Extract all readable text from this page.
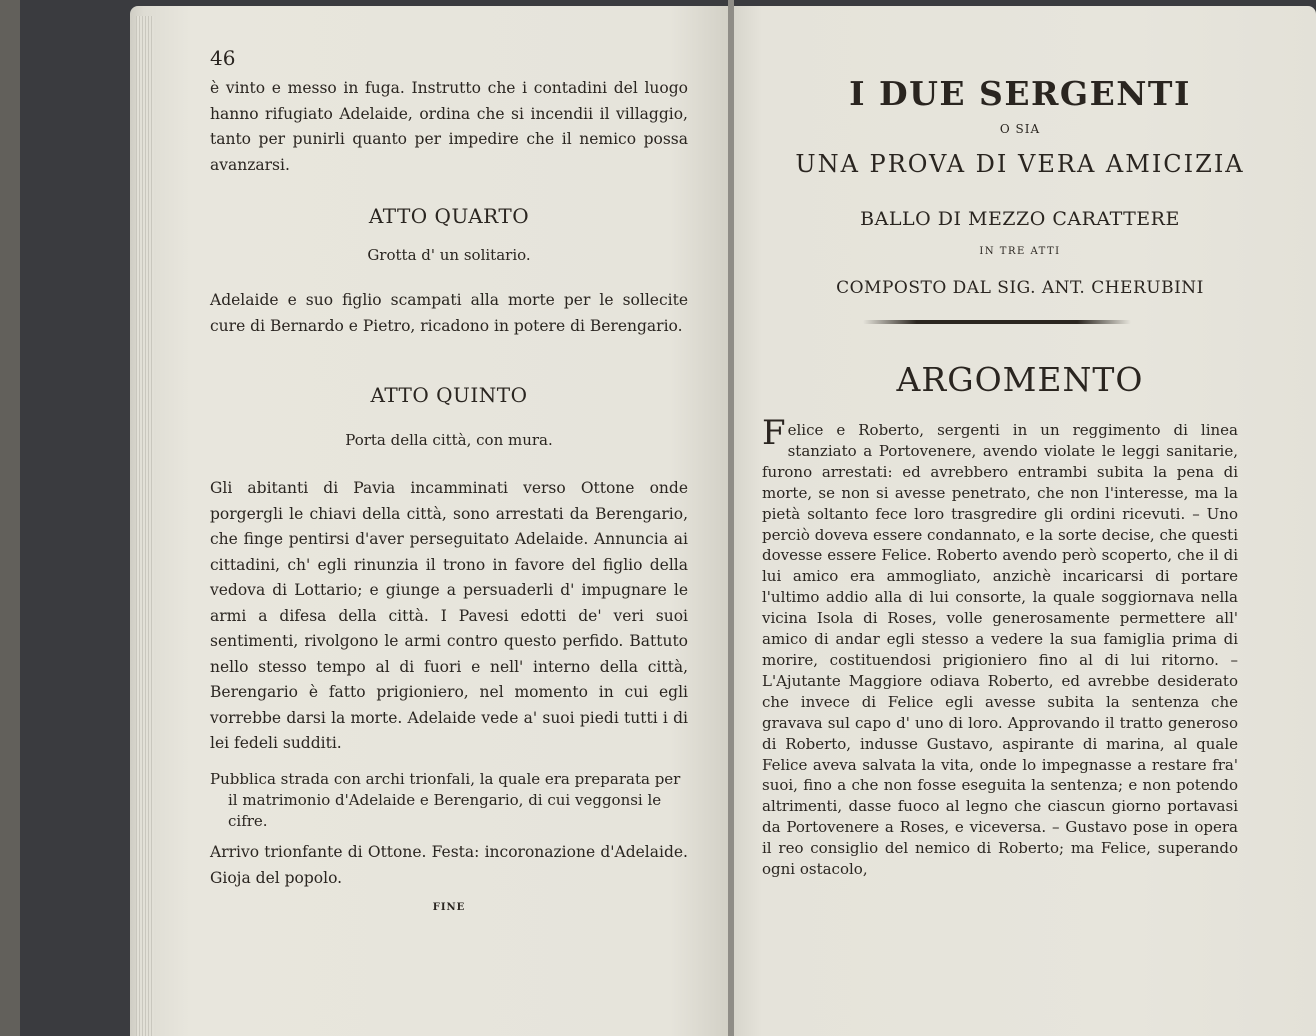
46
è vinto e messo in fuga. Instrutto che i contadini del luogo hanno rifugiato Adelaide, ordina che si incendii il villaggio, tanto per punirli quanto per impedire che il nemico possa avanzarsi.
ATTO QUARTO
Grotta d' un solitario.
Adelaide e suo figlio scampati alla morte per le sollecite cure di Bernardo e Pietro, ricadono in potere di Berengario.
ATTO QUINTO
Porta della città, con mura.
Gli abitanti di Pavia incamminati verso Ottone onde porgergli le chiavi della città, sono arrestati da Berengario, che finge pentirsi d'aver perseguitato Adelaide. Annuncia ai cittadini, ch' egli rinunzia il trono in favore del figlio della vedova di Lottario; e giunge a persuaderli d' impugnare le armi a difesa della città. I Pavesi edotti de' veri suoi sentimenti, rivolgono le armi contro questo perfido. Battuto nello stesso tempo al di fuori e nell' interno della città, Berengario è fatto prigioniero, nel momento in cui egli vorrebbe darsi la morte. Adelaide vede a' suoi piedi tutti i di lei fedeli sudditi.
Pubblica strada con archi trionfali, la quale era preparata per il matrimonio d'Adelaide e Berengario, di cui veggonsi le cifre.
Arrivo trionfante di Ottone. Festa: incoronazione d'Adelaide. Gioja del popolo.
FINE
I DUE SERGENTI
O SIA
UNA PROVA DI VERA AMICIZIA
BALLO DI MEZZO CARATTERE
IN TRE ATTI
COMPOSTO DAL SIG. ANT. CHERUBINI
ARGOMENTO
Felice e Roberto, sergenti in un reggimento di linea stanziato a Portovenere, avendo violate le leggi sanitarie, furono arrestati: ed avrebbero entrambi subita la pena di morte, se non si avesse penetrato, che non l'interesse, ma la pietà soltanto fece loro trasgredire gli ordini ricevuti. – Uno perciò doveva essere condannato, e la sorte decise, che questi dovesse essere Felice. Roberto avendo però scoperto, che il di lui amico era ammogliato, anzichè incaricarsi di portare l'ultimo addio alla di lui consorte, la quale soggiornava nella vicina Isola di Roses, volle generosamente permettere all' amico di andar egli stesso a vedere la sua famiglia prima di morire, costituendosi prigioniero fino al di lui ritorno. – L'Ajutante Maggiore odiava Roberto, ed avrebbe desiderato che invece di Felice egli avesse subita la sentenza che gravava sul capo d' uno di loro. Approvando il tratto generoso di Roberto, indusse Gustavo, aspirante di marina, al quale Felice aveva salvata la vita, onde lo impegnasse a restare fra' suoi, fino a che non fosse eseguita la sentenza; e non potendo altrimenti, dasse fuoco al legno che ciascun giorno portavasi da Portovenere a Roses, e viceversa. – Gustavo pose in opera il reo consiglio del nemico di Roberto; ma Felice, superando ogni ostacolo,
